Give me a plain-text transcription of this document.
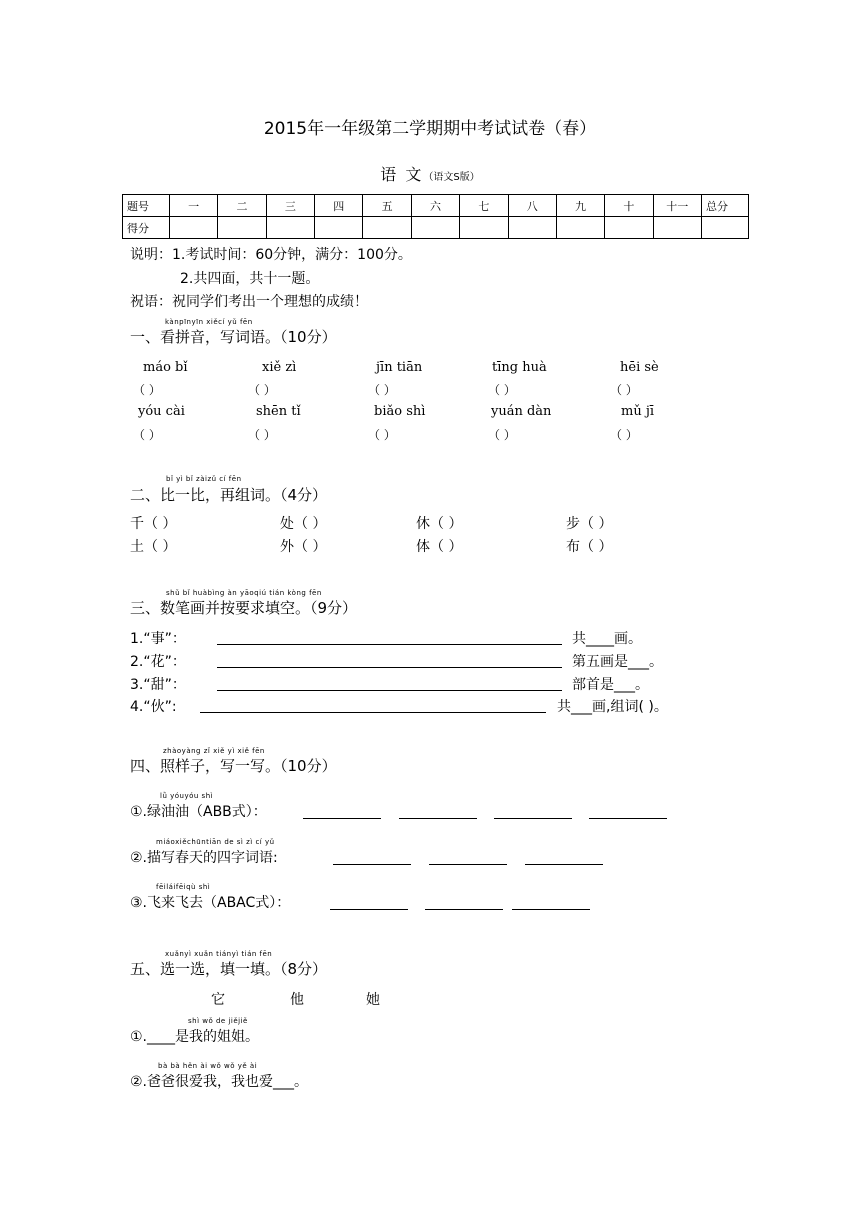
2015年一年级第二学期期中考试试卷（春）
语 文（语文S版）
题号	一	二	三	四	五	六	七	八	九	十	十一	总分
得分												
说明：1.考试时间：60分钟，满分：100分。
2.共四面，共十一题。
祝语：祝同学们考出一个理想的成绩！
kànpīnyīn xiěcí yǔ fēn
一、看拼音，写词语。（10分）
máo bǐ	xiě zì	jīn tiān	tīng huà	hēi sè
（ ）	（ ）	（ ）	（ ）	（ ）
yóu cài	shēn tǐ	biǎo shì	yuán dàn	mǔ jī
（ ）	（ ）	（ ）	（ ）	（ ）
bǐ yì bǐ zàizǔ cí fēn
二、比一比，再组词。（4分）
千（ ）	处（ ）	休（ ）	步（ ）
土（ ）	外（ ）	体（ ）	布（ ）
shǔ bǐ huàbìng àn yāoqiú tián kòng fēn
三、数笔画并按要求填空。（9分）
1.“事”：	共____画。
2.“花”：	第五画是___。
3.“甜”：	部首是___。
4.“伙”:	共___画,组词( )。
zhàoyàng zǐ xiě yì xiě fēn
四、照样子，写一写。（10分）
lǜ yóuyóu shì
①.绿油油（ABB式）：
miáoxiěchūntiān de sì zì cí yǔ
②.描写春天的四字词语:
fēiláifēiqù shì
③.飞来飞去（ABAC式）：
xuǎnyì xuǎn tiányì tián fēn
五、选一选，填一填。（8分）
它	他	她
shì wǒ de jiějiě
①.____是我的姐姐。
bà bà hěn ài wǒ wǒ yě ài
②.爸爸很爱我，我也爱___。
